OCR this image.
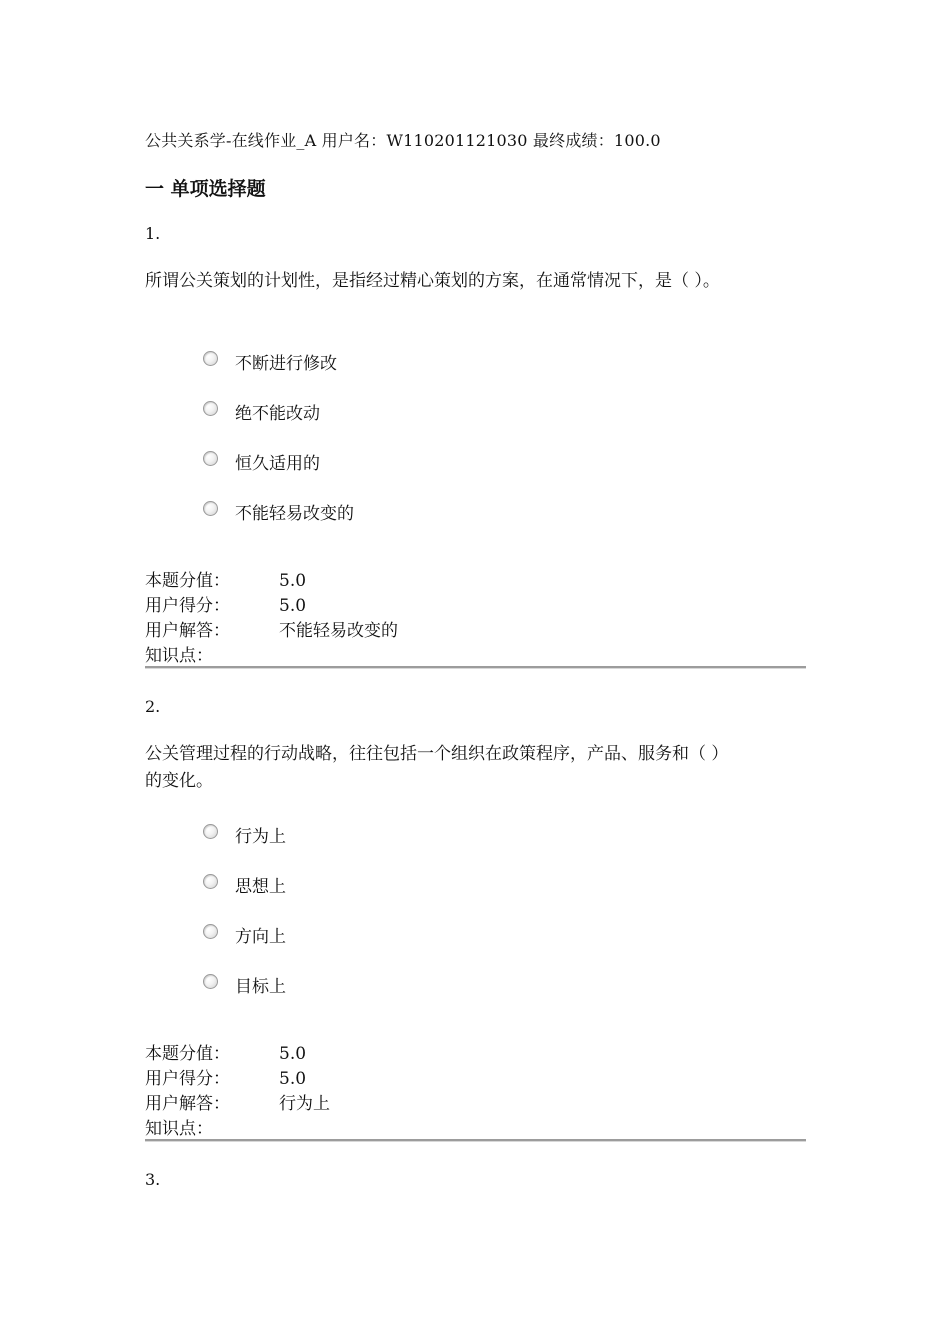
公共关系学-在线作业_A 用户名：W110201121030 最终成绩：100.0
一 单项选择题
1.
所谓公关策划的计划性，是指经过精心策划的方案，在通常情况下，是（ ）。
不断进行修改
绝不能改动
恒久适用的
不能轻易改变的
本题分值：	5.0
用户得分：	5.0
用户解答：	不能轻易改变的
知识点：
2.
公关管理过程的行动战略，往往包括一个组织在政策程序，产品、服务和（ ）的变化。
行为上
思想上
方向上
目标上
本题分值：	5.0
用户得分：	5.0
用户解答：	行为上
知识点：
3.
